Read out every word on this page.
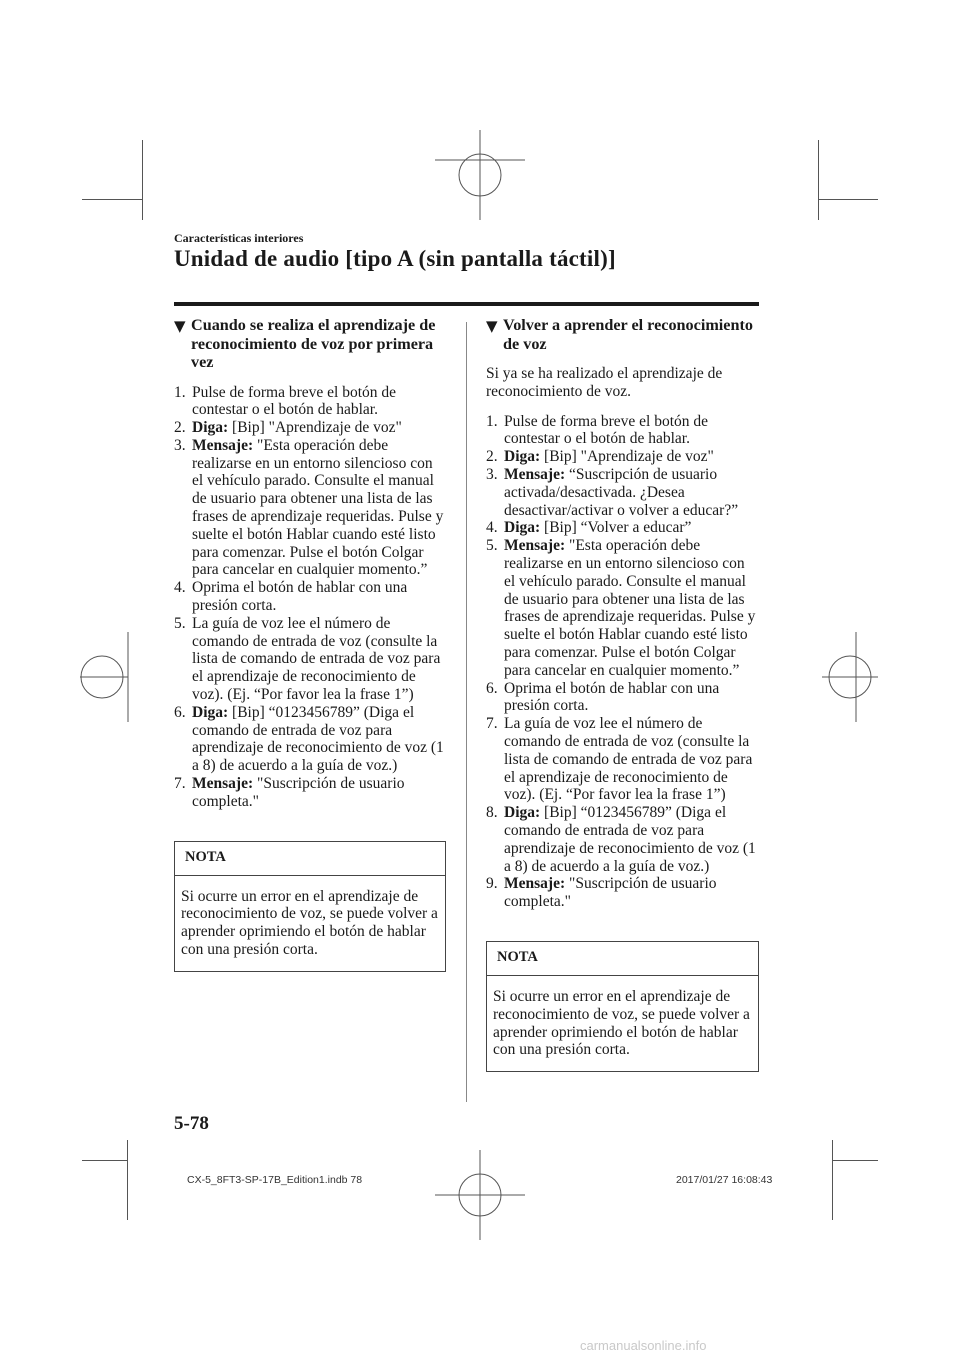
Características interiores
Unidad de audio [tipo A (sin pantalla táctil)]
▼ Cuando se realiza el aprendizaje de reconocimiento de voz por primera vez
1. Pulse de forma breve el botón de contestar o el botón de hablar.
2. Diga: [Bip] "Aprendizaje de voz"
3. Mensaje: "Esta operación debe realizarse en un entorno silencioso con el vehículo parado. Consulte el manual de usuario para obtener una lista de las frases de aprendizaje requeridas. Pulse y suelte el botón Hablar cuando esté listo para comenzar. Pulse el botón Colgar para cancelar en cualquier momento.”
4. Oprima el botón de hablar con una presión corta.
5. La guía de voz lee el número de comando de entrada de voz (consulte la lista de comando de entrada de voz para el aprendizaje de reconocimiento de voz). (Ej. “Por favor lea la frase 1”)
6. Diga: [Bip] “0123456789” (Diga el comando de entrada de voz para aprendizaje de reconocimiento de voz (1 a 8) de acuerdo a la guía de voz.)
7. Mensaje: "Suscripción de usuario completa."
NOTA
Si ocurre un error en el aprendizaje de reconocimiento de voz, se puede volver a aprender oprimiendo el botón de hablar con una presión corta.
▼ Volver a aprender el reconocimiento de voz

Si ya se ha realizado el aprendizaje de reconocimiento de voz.

1. Pulse de forma breve el botón de contestar o el botón de hablar.
2. Diga: [Bip] "Aprendizaje de voz"
3. Mensaje: “Suscripción de usuario activada/desactivada. ¿Desea desactivar/activar o volver a educar?”
4. Diga: [Bip] “Volver a educar”
5. Mensaje: "Esta operación debe realizarse en un entorno silencioso con el vehículo parado. Consulte el manual de usuario para obtener una lista de las frases de aprendizaje requeridas. Pulse y suelte el botón Hablar cuando esté listo para comenzar. Pulse el botón Colgar para cancelar en cualquier momento.”
6. Oprima el botón de hablar con una presión corta.
7. La guía de voz lee el número de comando de entrada de voz (consulte la lista de comando de entrada de voz para el aprendizaje de reconocimiento de voz). (Ej. “Por favor lea la frase 1”)
8. Diga: [Bip] “0123456789” (Diga el comando de entrada de voz para aprendizaje de reconocimiento de voz (1 a 8) de acuerdo a la guía de voz.)
9. Mensaje: "Suscripción de usuario completa."
NOTA
Si ocurre un error en el aprendizaje de reconocimiento de voz, se puede volver a aprender oprimiendo el botón de hablar con una presión corta.
5-78
CX-5_8FT3-SP-17B_Edition1.indb 78	2017/01/27 16:08:43
carmanualsonline.info
